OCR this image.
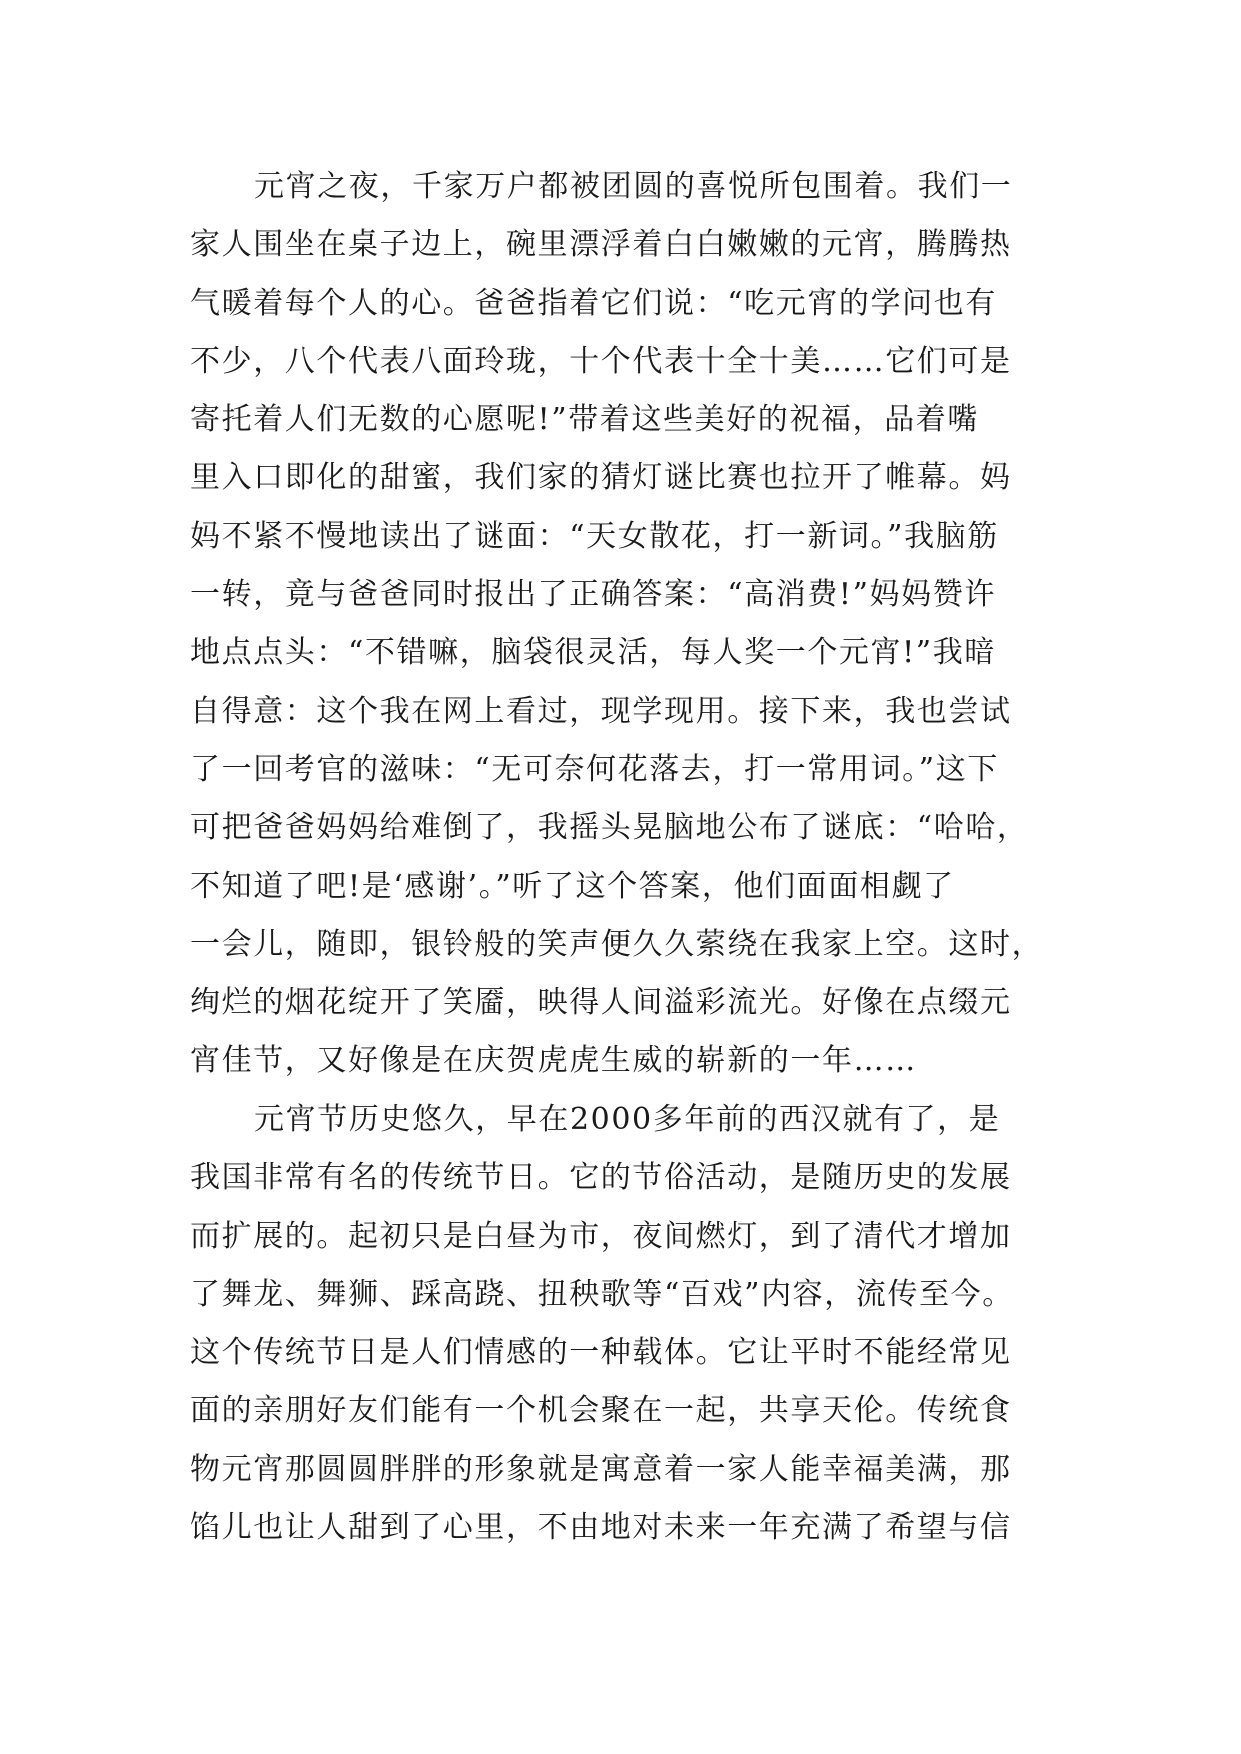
元宵之夜，千家万户都被团圆的喜悦所包围着。我们一
家人围坐在桌子边上，碗里漂浮着白白嫩嫩的元宵，腾腾热
气暖着每个人的心。爸爸指着它们说：“吃元宵的学问也有
不少，八个代表八面玲珑，十个代表十全十美……它们可是
寄托着人们无数的心愿呢!”带着这些美好的祝福，品着嘴
里入口即化的甜蜜，我们家的猜灯谜比赛也拉开了帷幕。妈
妈不紧不慢地读出了谜面：“天女散花，打一新词。”我脑筋
一转，竟与爸爸同时报出了正确答案：“高消费!”妈妈赞许
地点点头：“不错嘛，脑袋很灵活，每人奖一个元宵!”我暗
自得意：这个我在网上看过，现学现用。接下来，我也尝试
了一回考官的滋味：“无可奈何花落去，打一常用词。”这下
可把爸爸妈妈给难倒了，我摇头晃脑地公布了谜底：“哈哈，
不知道了吧!是‘感谢’。”听了这个答案，他们面面相觑了
一会儿，随即，银铃般的笑声便久久萦绕在我家上空。这时，
绚烂的烟花绽开了笑靥，映得人间溢彩流光。好像在点缀元
宵佳节，又好像是在庆贺虎虎生威的崭新的一年……
元宵节历史悠久，早在2000多年前的西汉就有了，是
我国非常有名的传统节日。它的节俗活动，是随历史的发展
而扩展的。起初只是白昼为市，夜间燃灯，到了清代才增加
了舞龙、舞狮、踩高跷、扭秧歌等“百戏”内容，流传至今。
这个传统节日是人们情感的一种载体。它让平时不能经常见
面的亲朋好友们能有一个机会聚在一起，共享天伦。传统食
物元宵那圆圆胖胖的形象就是寓意着一家人能幸福美满，那
馅儿也让人甜到了心里，不由地对未来一年充满了希望与信
